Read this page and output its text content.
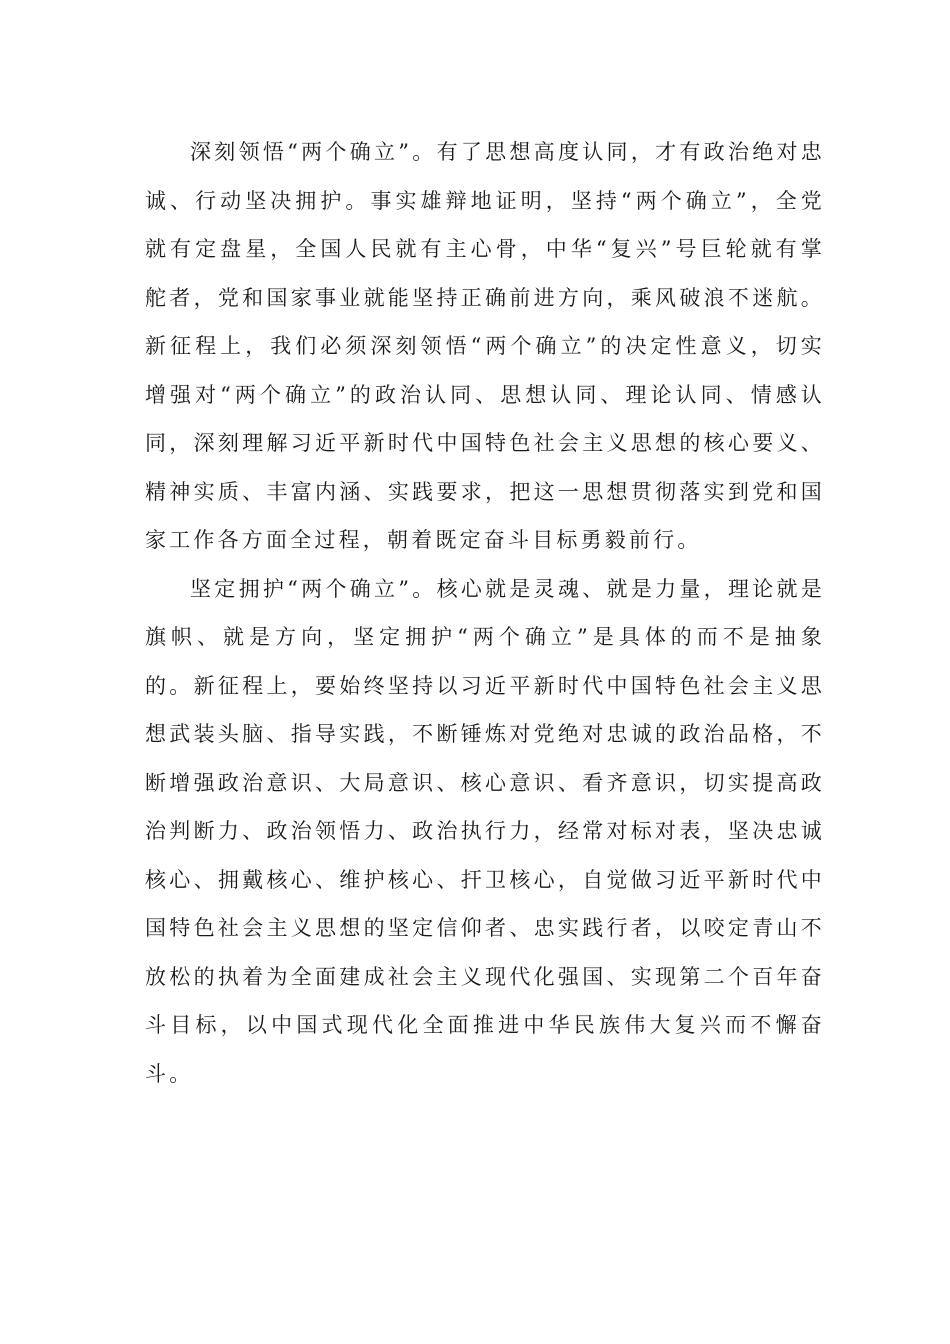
深刻领悟“两个确立”。有了思想高度认同，才有政治绝对忠诚、行动坚决拥护。事实雄辩地证明，坚持“两个确立”，全党就有定盘星，全国人民就有主心骨，中华“复兴”号巨轮就有掌舵者，党和国家事业就能坚持正确前进方向，乘风破浪不迷航。新征程上，我们必须深刻领悟“两个确立”的决定性意义，切实增强对“两个确立”的政治认同、思想认同、理论认同、情感认同，深刻理解习近平新时代中国特色社会主义思想的核心要义、精神实质、丰富内涵、实践要求，把这一思想贯彻落实到党和国家工作各方面全过程，朝着既定奋斗目标勇毅前行。

坚定拥护“两个确立”。核心就是灵魂、就是力量，理论就是旗帜、就是方向，坚定拥护“两个确立”是具体的而不是抽象的。新征程上，要始终坚持以习近平新时代中国特色社会主义思想武装头脑、指导实践，不断锤炼对党绝对忠诚的政治品格，不断增强政治意识、大局意识、核心意识、看齐意识，切实提高政治判断力、政治领悟力、政治执行力，经常对标对表，坚决忠诚核心、拥戴核心、维护核心、扞卫核心，自觉做习近平新时代中国特色社会主义思想的坚定信仰者、忠实践行者，以咬定青山不放松的执着为全面建成社会主义现代化强国、实现第二个百年奋斗目标，以中国式现代化全面推进中华民族伟大复兴而不懈奋斗。
